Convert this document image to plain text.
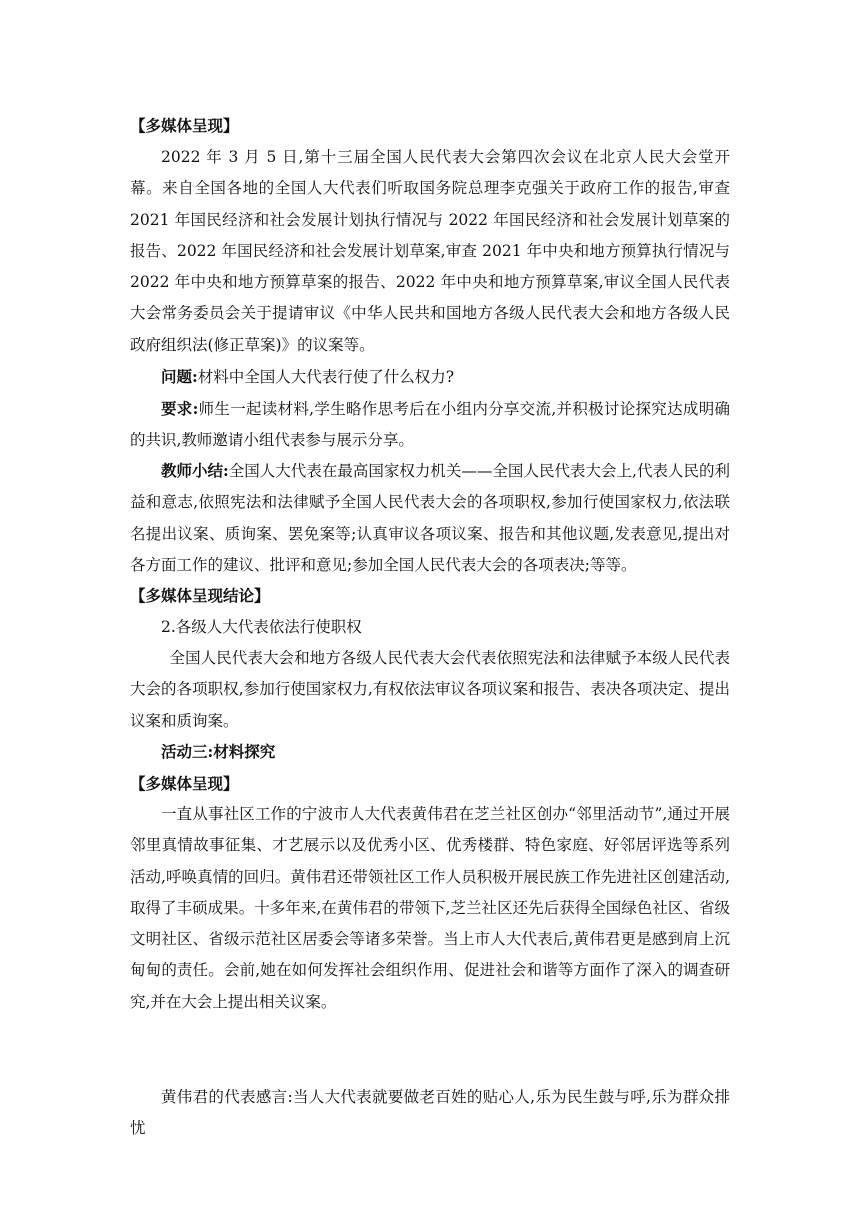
【多媒体呈现】

2022 年 3 月 5 日,第十三届全国人民代表大会第四次会议在北京人民大会堂开幕。来自全国各地的全国人大代表们听取国务院总理李克强关于政府工作的报告,审查2021 年国民经济和社会发展计划执行情况与 2022 年国民经济和社会发展计划草案的报告、2022 年国民经济和社会发展计划草案,审查 2021 年中央和地方预算执行情况与 2022 年中央和地方预算草案的报告、2022 年中央和地方预算草案,审议全国人民代表大会常务委员会关于提请审议《中华人民共和国地方各级人民代表大会和地方各级人民政府组织法(修正草案)》的议案等。

问题:材料中全国人大代表行使了什么权力?

要求:师生一起读材料,学生略作思考后在小组内分享交流,并积极讨论探究达成明确的共识,教师邀请小组代表参与展示分享。

教师小结:全国人大代表在最高国家权力机关——全国人民代表大会上,代表人民的利益和意志,依照宪法和法律赋予全国人民代表大会的各项职权,参加行使国家权力,依法联名提出议案、质询案、罢免案等;认真审议各项议案、报告和其他议题,发表意见,提出对各方面工作的建议、批评和意见;参加全国人民代表大会的各项表决;等等。

【多媒体呈现结论】

2.各级人大代表依法行使职权

全国人民代表大会和地方各级人民代表大会代表依照宪法和法律赋予本级人民代表大会的各项职权,参加行使国家权力,有权依法审议各项议案和报告、表决各项决定、提出议案和质询案。

活动三:材料探究

【多媒体呈现】

一直从事社区工作的宁波市人大代表黄伟君在芝兰社区创办“邻里活动节”,通过开展邻里真情故事征集、才艺展示以及优秀小区、优秀楼群、特色家庭、好邻居评选等系列活动,呼唤真情的回归。黄伟君还带领社区工作人员积极开展民族工作先进社区创建活动,取得了丰硕成果。十多年来,在黄伟君的带领下,芝兰社区还先后获得全国绿色社区、省级文明社区、省级示范社区居委会等诸多荣誉。当上市人大代表后,黄伟君更是感到肩上沉甸甸的责任。会前,她在如何发挥社会组织作用、促进社会和谐等方面作了深入的调查研究,并在大会上提出相关议案。

黄伟君的代表感言:当人大代表就要做老百姓的贴心人,乐为民生鼓与呼,乐为群众排忧
